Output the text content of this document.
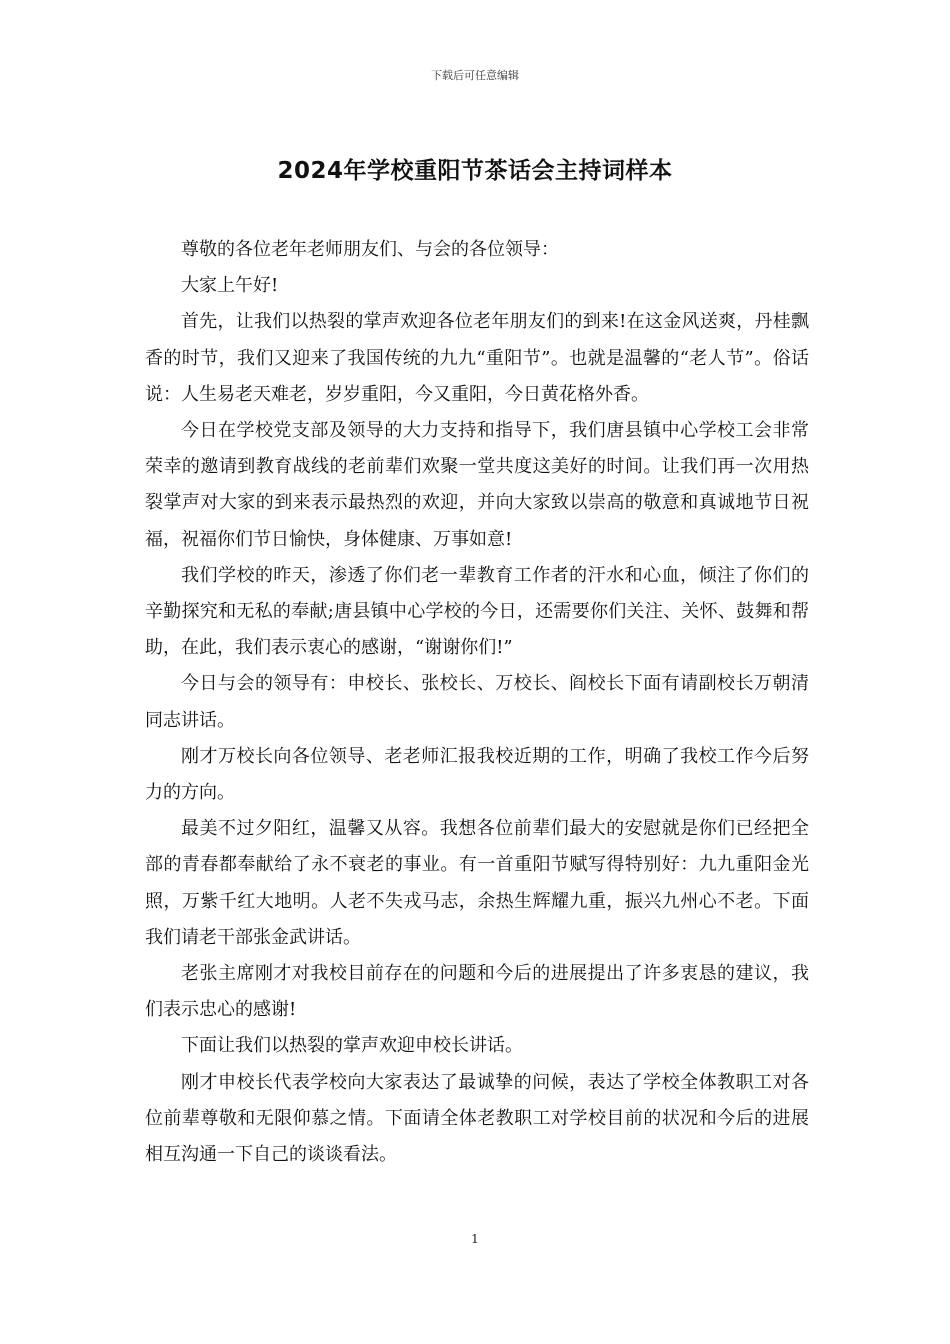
下载后可任意编辑
2024年学校重阳节茶话会主持词样本

尊敬的各位老年老师朋友们、与会的各位领导：

大家上午好!

首先，让我们以热裂的掌声欢迎各位老年朋友们的到来!在这金风送爽，丹桂飘香的时节，我们又迎来了我国传统的九九“重阳节”。也就是温馨的“老人节”。俗话说：人生易老天难老，岁岁重阳，今又重阳，今日黄花格外香。

今日在学校党支部及领导的大力支持和指导下，我们唐县镇中心学校工会非常荣幸的邀请到教育战线的老前辈们欢聚一堂共度这美好的时间。让我们再一次用热裂掌声对大家的到来表示最热烈的欢迎，并向大家致以崇高的敬意和真诚地节日祝福，祝福你们节日愉快，身体健康、万事如意!

我们学校的昨天，渗透了你们老一辈教育工作者的汗水和心血，倾注了你们的辛勤探究和无私的奉献;唐县镇中心学校的今日，还需要你们关注、关怀、鼓舞和帮助，在此，我们表示衷心的感谢，“谢谢你们!”

今日与会的领导有：申校长、张校长、万校长、阎校长下面有请副校长万朝清同志讲话。

刚才万校长向各位领导、老老师汇报我校近期的工作，明确了我校工作今后努力的方向。

最美不过夕阳红，温馨又从容。我想各位前辈们最大的安慰就是你们已经把全部的青春都奉献给了永不衰老的事业。有一首重阳节赋写得特别好：九九重阳金光照，万紫千红大地明。人老不失戎马志，余热生辉耀九重，振兴九州心不老。下面我们请老干部张金武讲话。

老张主席刚才对我校目前存在的问题和今后的进展提出了许多衷恳的建议，我们表示忠心的感谢!

下面让我们以热裂的掌声欢迎申校长讲话。

刚才申校长代表学校向大家表达了最诚挚的问候，表达了学校全体教职工对各位前辈尊敬和无限仰慕之情。下面请全体老教职工对学校目前的状况和今后的进展相互沟通一下自己的谈谈看法。

1
